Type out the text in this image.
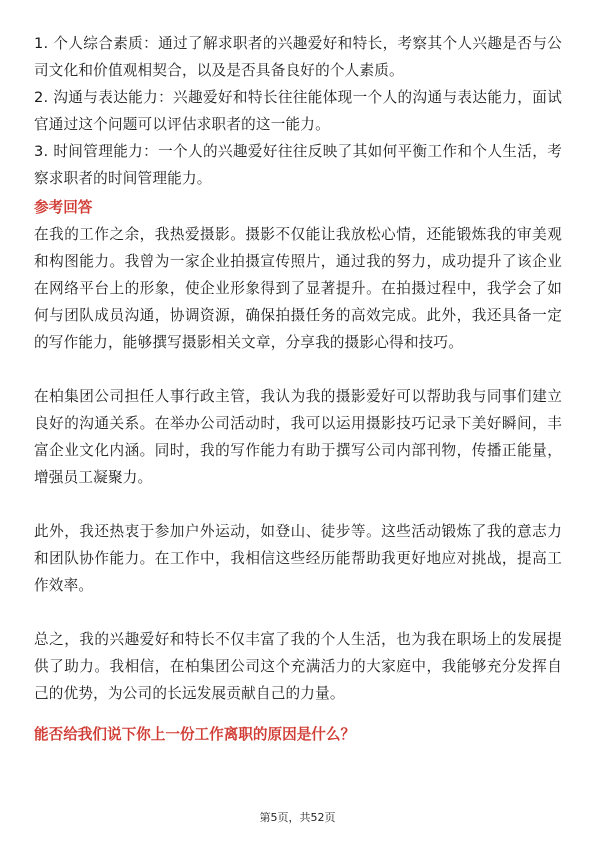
1. 个人综合素质：通过了解求职者的兴趣爱好和特长，考察其个人兴趣是否与公司文化和价值观相契合，以及是否具备良好的个人素质。

2. 沟通与表达能力：兴趣爱好和特长往往能体现一个人的沟通与表达能力，面试官通过这个问题可以评估求职者的这一能力。

3. 时间管理能力：一个人的兴趣爱好往往反映了其如何平衡工作和个人生活，考察求职者的时间管理能力。

参考回答

在我的工作之余，我热爱摄影。摄影不仅能让我放松心情，还能锻炼我的审美观和构图能力。我曾为一家企业拍摄宣传照片，通过我的努力，成功提升了该企业在网络平台上的形象，使企业形象得到了显著提升。在拍摄过程中，我学会了如何与团队成员沟通，协调资源，确保拍摄任务的高效完成。此外，我还具备一定的写作能力，能够撰写摄影相关文章，分享我的摄影心得和技巧。

在柏集团公司担任人事行政主管，我认为我的摄影爱好可以帮助我与同事们建立良好的沟通关系。在举办公司活动时，我可以运用摄影技巧记录下美好瞬间，丰富企业文化内涵。同时，我的写作能力有助于撰写公司内部刊物，传播正能量，增强员工凝聚力。

此外，我还热衷于参加户外运动，如登山、徒步等。这些活动锻炼了我的意志力和团队协作能力。在工作中，我相信这些经历能帮助我更好地应对挑战，提高工作效率。

总之，我的兴趣爱好和特长不仅丰富了我的个人生活，也为我在职场上的发展提供了助力。我相信，在柏集团公司这个充满活力的大家庭中，我能够充分发挥自己的优势，为公司的长远发展贡献自己的力量。

能否给我们说下你上一份工作离职的原因是什么？

第5页，共52页
